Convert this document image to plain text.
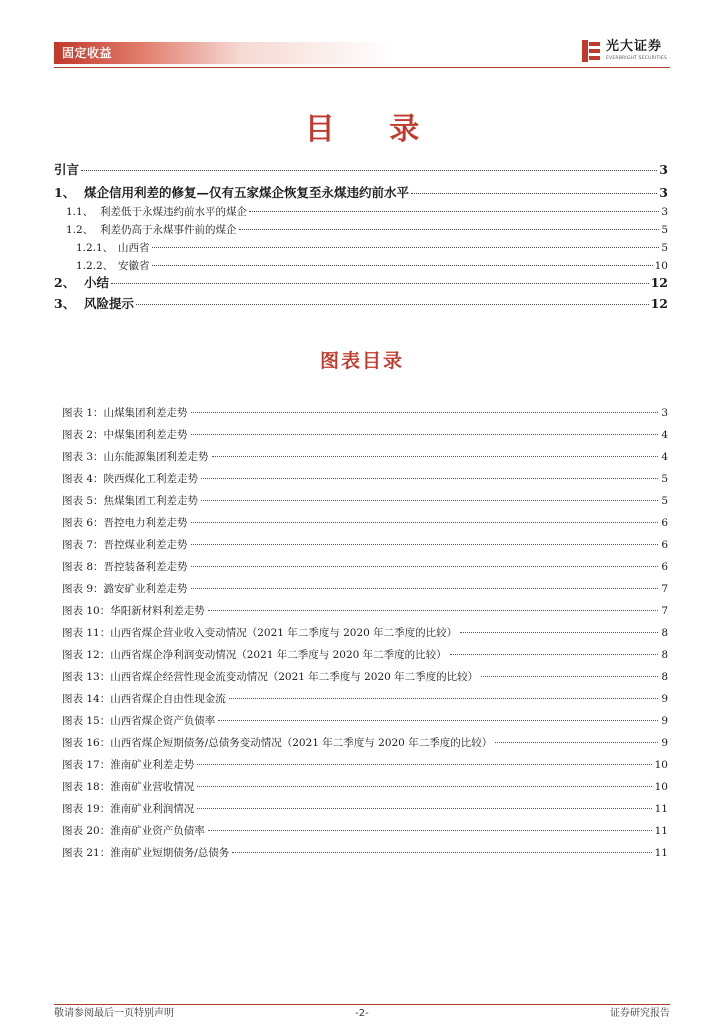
固定收益	光大证券
EVERBRIGHT SECURITIES
目 录
引言	3
1、 煤企信用利差的修复—仅有五家煤企恢复至永煤违约前水平	3
1.1、 利差低于永煤违约前水平的煤企	3
1.2、 利差仍高于永煤事件前的煤企	5
1.2.1、 山西省	5
1.2.2、 安徽省	10
2、 小结	12
3、 风险提示	12
图表目录
图表 1： 山煤集团利差走势	3
图表 2： 中煤集团利差走势	4
图表 3： 山东能源集团利差走势	4
图表 4： 陕西煤化工利差走势	5
图表 5： 焦煤集团工利差走势	5
图表 6： 晋控电力利差走势	6
图表 7： 晋控煤业利差走势	6
图表 8： 晋控装备利差走势	6
图表 9： 潞安矿业利差走势	7
图表 10： 华阳新材料利差走势	7
图表 11： 山西省煤企营业收入变动情况（2021 年二季度与 2020 年二季度的比较）	8
图表 12： 山西省煤企净利润变动情况（2021 年二季度与 2020 年二季度的比较）	8
图表 13： 山西省煤企经营性现金流变动情况（2021 年二季度与 2020 年二季度的比较）	8
图表 14： 山西省煤企自由性现金流	9
图表 15： 山西省煤企资产负债率	9
图表 16： 山西省煤企短期债务/总债务变动情况（2021 年二季度与 2020 年二季度的比较）	9
图表 17： 淮南矿业利差走势	10
图表 18： 淮南矿业营收情况	10
图表 19： 淮南矿业利润情况	11
图表 20： 淮南矿业资产负债率	11
图表 21： 淮南矿业短期债务/总债务	11
敬请参阅最后一页特别声明	-2-	证券研究报告
